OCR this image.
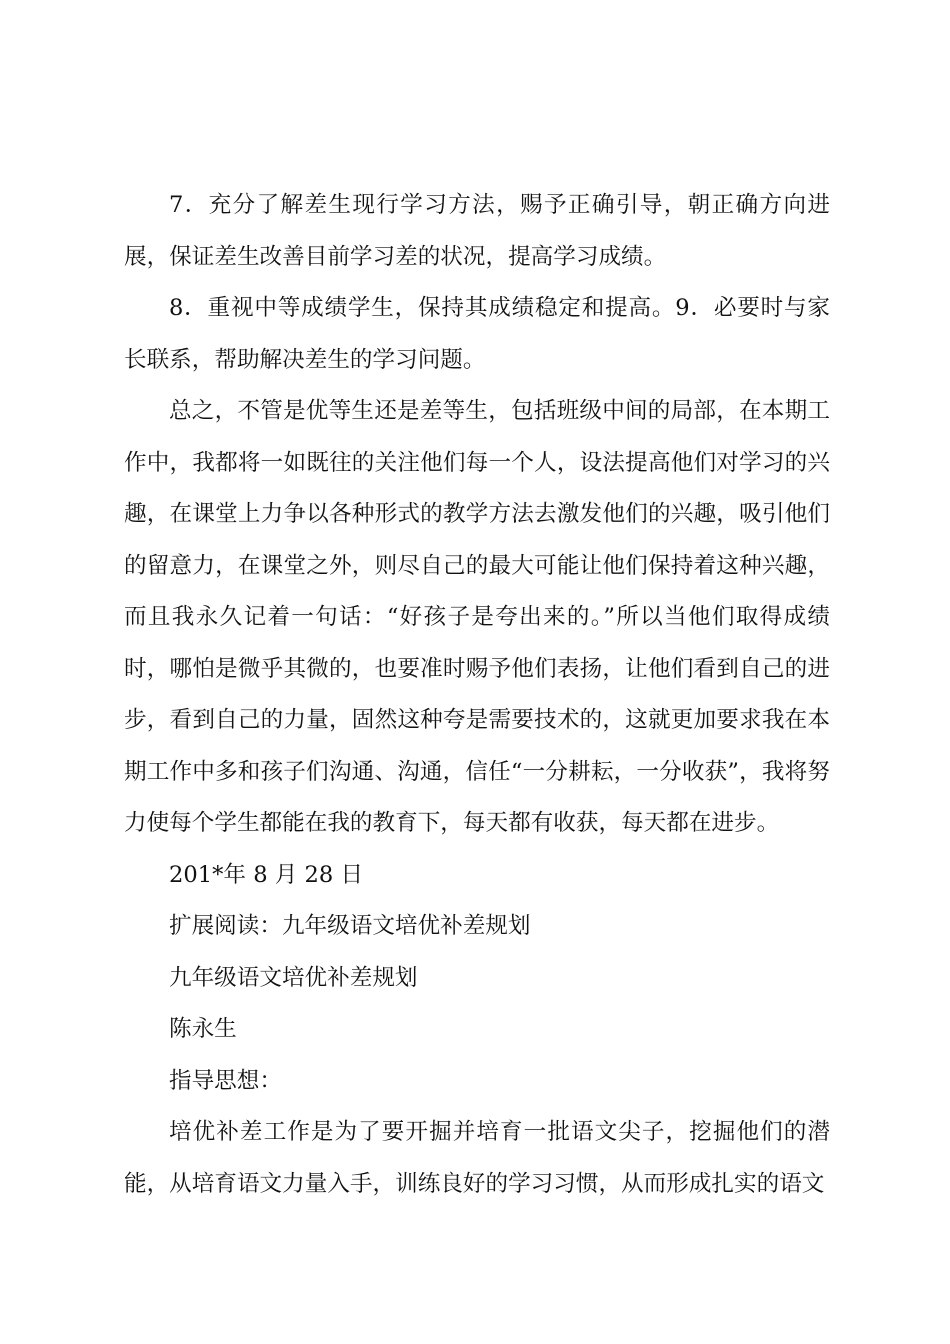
7．充分了解差生现行学习方法，赐予正确引导，朝正确方向进展，保证差生改善目前学习差的状况，提高学习成绩。

8．重视中等成绩学生，保持其成绩稳定和提高。9．必要时与家长联系，帮助解决差生的学习问题。

总之，不管是优等生还是差等生，包括班级中间的局部，在本期工作中，我都将一如既往的关注他们每一个人，设法提高他们对学习的兴趣，在课堂上力争以各种形式的教学方法去激发他们的兴趣，吸引他们的留意力，在课堂之外，则尽自己的最大可能让他们保持着这种兴趣，而且我永久记着一句话：“好孩子是夸出来的。”所以当他们取得成绩时，哪怕是微乎其微的，也要准时赐予他们表扬，让他们看到自己的进步，看到自己的力量，固然这种夸是需要技术的，这就更加要求我在本期工作中多和孩子们沟通、沟通，信任“一分耕耘，一分收获”，我将努力使每个学生都能在我的教育下，每天都有收获，每天都在进步。

201*年 8 月 28 日

扩展阅读：九年级语文培优补差规划

九年级语文培优补差规划

陈永生

指导思想：

培优补差工作是为了要开掘并培育一批语文尖子，挖掘他们的潜能，从培育语文力量入手，训练良好的学习习惯，从而形成扎实的语文
